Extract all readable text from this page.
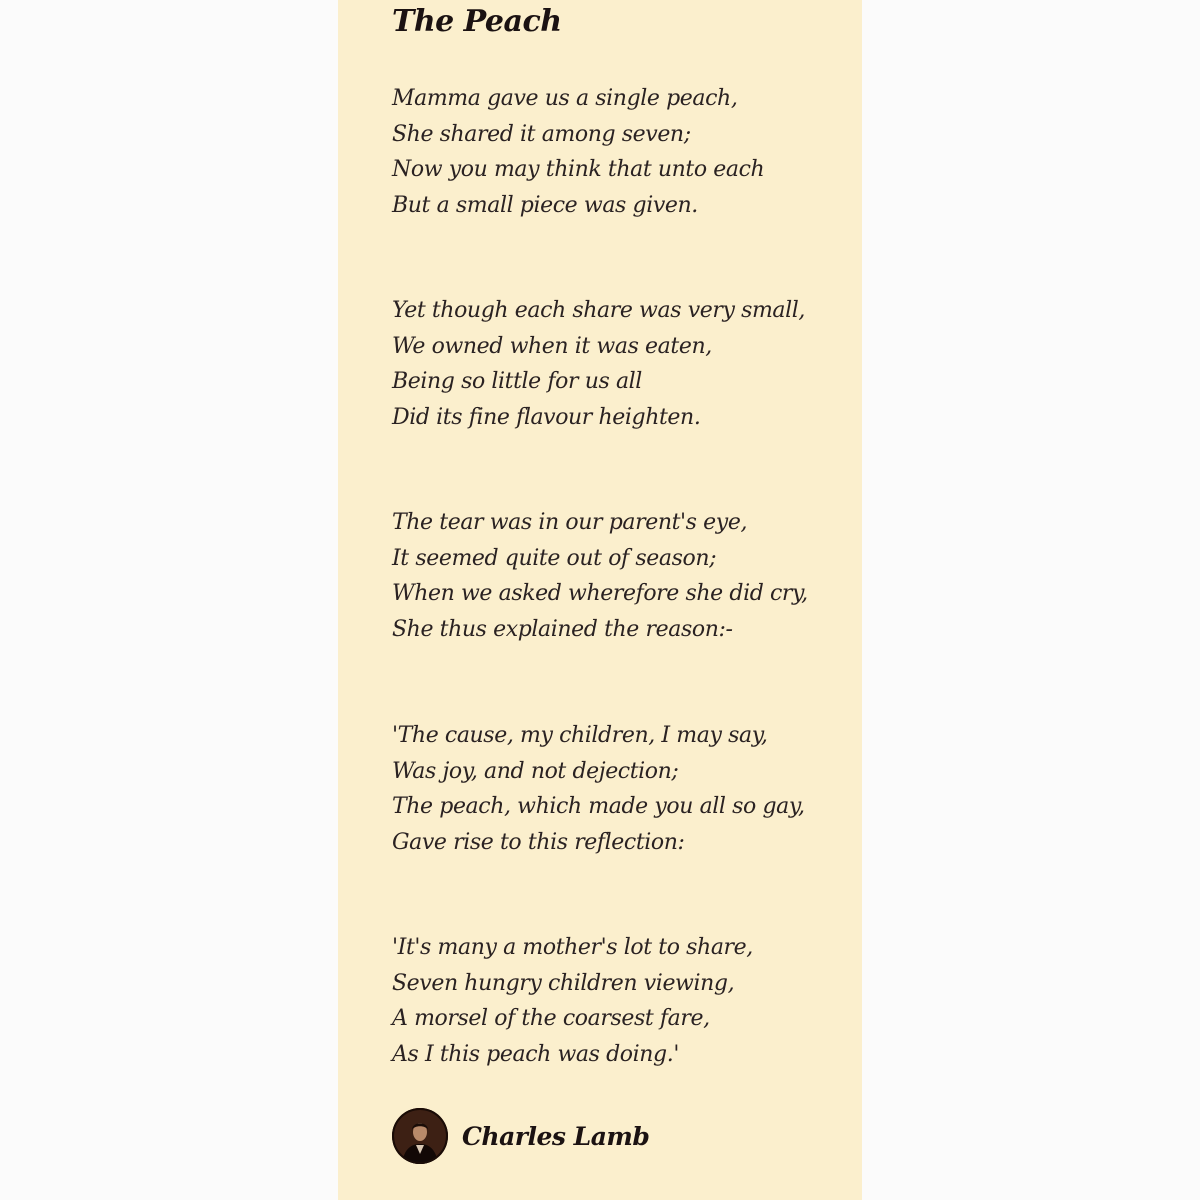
The Peach
Mamma gave us a single peach,
She shared it among seven;
Now you may think that unto each
But a small piece was given.
Yet though each share was very small,
We owned when it was eaten,
Being so little for us all
Did its fine flavour heighten.
The tear was in our parent's eye,
It seemed quite out of season;
When we asked wherefore she did cry,
She thus explained the reason:-
'The cause, my children, I may say,
Was joy, and not dejection;
The peach, which made you all so gay,
Gave rise to this reflection:
'It's many a mother's lot to share,
Seven hungry children viewing,
A morsel of the coarsest fare,
As I this peach was doing.'
Charles Lamb
